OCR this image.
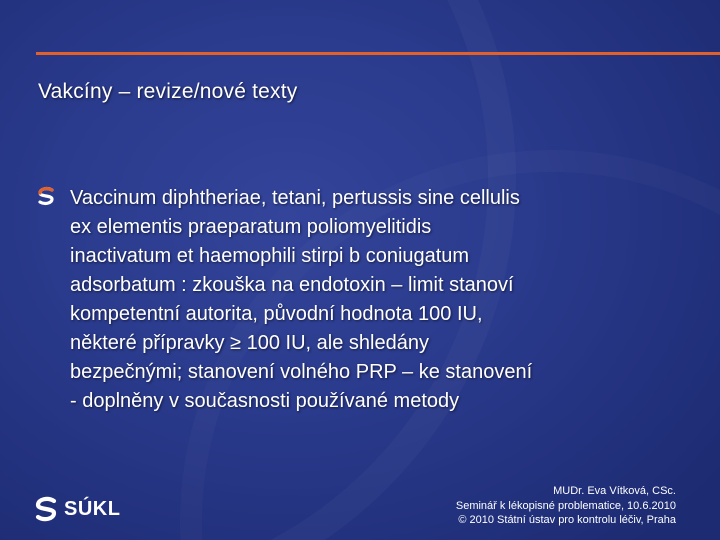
Vakcíny – revize/nové texty

Vaccinum diphtheriae, tetani, pertussis sine cellulis
ex elementis praeparatum poliomyelitidis
inactivatum et haemophili stirpi b coniugatum
adsorbatum : zkouška na endotoxin – limit stanoví
kompetentní autorita, původní hodnota 100 IU,
některé přípravky ≥ 100 IU, ale shledány
bezpečnými; stanovení volného PRP – ke stanovení
- doplněny v současnosti používané metody

SÚKL
MUDr. Eva Vítková, CSc.
Seminář k lékopisné problematice, 10.6.2010
© 2010 Státní ústav pro kontrolu léčiv, Praha
